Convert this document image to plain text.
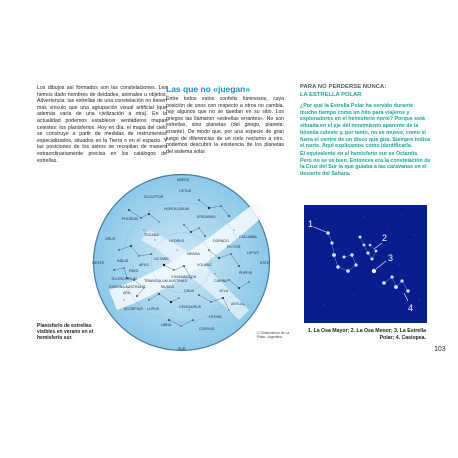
Los dibujos así formados son las constelaciones. Les hemos dado nombres de deidades, animales u objetos. Advertencia: las estrellas de una constelación no tienen más vínculo que una agrupación visual artificial (que además varía de una civilización a otra). En la actualidad podemos establecer verdaderos mapas celestes: los planisferios. Hoy en día, el mapa del cielo se construye a partir de medidas de instrumentos especializados, situados en la Tierra o en el espacio. Y las posiciones de los astros se recopilan de manera extraordinariamente precisa en los catálogos de estrellas.

Las que no «juegan»

Entre todos estos confetis luminosos, cuya posición de unos con respecto a otros no cambia, hay algunos que no se quedan en su sitio. Los griegos las llamaron «estrellas errantes». No son estrellas, sino planetas (del griego, planeta: errante). De modo que, por una especie de gran juego de diferencias de un cielo nocturno a otro, podemos descubrir la existencia de los planetas del sistema solar.

SCULPTOR
PHOENIX
CETUS
GRUS
ERIDANUS
TUCANA
INDUS
PAVO
OCTANS
HYDRUS	DORADO
PICTOR
VOLANS
CHAMAELEON
CARINA
VELA
PUPPIS
COLUMBA
LEPUS
CORONA AUSTRALIS
ARA
TRIANGULUM AUSTRALE
CRUX
CENTAURUS
MUSCA
LUPUS
SCORPIUS
LIBRA
HYDRA
CORVUS
ANTLIA
HOROLOGIUM
MENSA
APUS
TELESCOPIUM
NORTE
SUR
ESTE
OESTE

Planisferio de estrellas visibles en verano en el hemisferio sur.

© Observatorio de La Plata - Argentina

PARA NO PERDERSE NUNCA:
LA ESTRELLA POLAR

¿Por qué la Estrella Polar ha servido durante mucho tiempo como un hito para viajeros y exploradores en el hemisferio norte? Porque está situada en el eje del movimiento aparente de la bóveda celeste y, por tanto, no se mueve, como si fuera el centro de un disco que gira. Siempre indica el norte. Aquí explicamos cómo identificarla.

El equivalente en el hemisferio sur es Octantis. Pero no se ve bien. Entonces era la constelación de la Cruz del Sur la que guiaba a las caravanas en el desierto del Sahara.

1
2
3
4

1. La Osa Mayor; 2. La Osa Menor; 3. La Estrella Polar; 4. Casiopea.

103
